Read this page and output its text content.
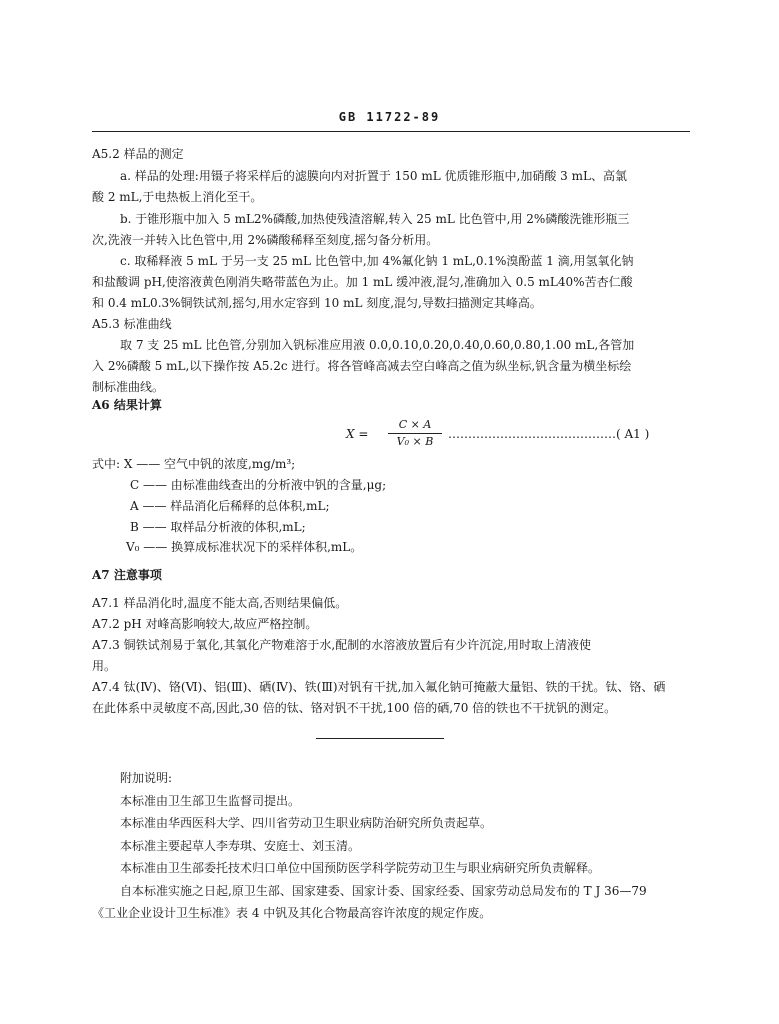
GB 11722-89
A5.2 样品的测定
a. 样品的处理:用镊子将采样后的滤膜向内对折置于 150 mL 优质锥形瓶中,加硝酸 3 mL、高氯
酸 2 mL,于电热板上消化至干。
b. 于锥形瓶中加入 5 mL2%磷酸,加热使残渣溶解,转入 25 mL 比色管中,用 2%磷酸洗锥形瓶三
次,洗液一并转入比色管中,用 2%磷酸稀释至刻度,摇匀备分析用。
c. 取稀释液 5 mL 于另一支 25 mL 比色管中,加 4%氟化钠 1 mL,0.1%溴酚蓝 1 滴,用氢氧化钠
和盐酸调 pH,使溶液黄色刚消失略带蓝色为止。加 1 mL 缓冲液,混匀,准确加入 0.5 mL40%苦杏仁酸
和 0.4 mL0.3%铜铁试剂,摇匀,用水定容到 10 mL 刻度,混匀,导数扫描测定其峰高。
A5.3 标准曲线
取 7 支 25 mL 比色管,分别加入钒标准应用液 0.0,0.10,0.20,0.40,0.60,0.80,1.00 mL,各管加
入 2%磷酸 5 mL,以下操作按 A5.2c 进行。将各管峰高减去空白峰高之值为纵坐标,钒含量为横坐标绘
制标准曲线。
A6 结果计算
X =
C × A
V₀ × B
……………………………………( A1 )
式中: X —— 空气中钒的浓度,mg/m³;
C —— 由标准曲线查出的分析液中钒的含量,μg;
A —— 样品消化后稀释的总体积,mL;
B —— 取样品分析液的体积,mL;
V₀ —— 换算成标准状况下的采样体积,mL。
A7 注意事项
A7.1 样品消化时,温度不能太高,否则结果偏低。
A7.2 pH 对峰高影响较大,故应严格控制。
A7.3 铜铁试剂易于氧化,其氧化产物难溶于水,配制的水溶液放置后有少许沉淀,用时取上清液使
用。
A7.4 钛(Ⅳ)、铬(Ⅵ)、铝(Ⅲ)、硒(Ⅳ)、铁(Ⅲ)对钒有干扰,加入氟化钠可掩蔽大量铝、铁的干扰。钛、铬、硒
在此体系中灵敏度不高,因此,30 倍的钛、铬对钒不干扰,100 倍的硒,70 倍的铁也不干扰钒的测定。
附加说明:
本标准由卫生部卫生监督司提出。
本标准由华西医科大学、四川省劳动卫生职业病防治研究所负责起草。
本标准主要起草人李寿琪、安庭士、刘玉清。
本标准由卫生部委托技术归口单位中国预防医学科学院劳动卫生与职业病研究所负责解释。
自本标准实施之日起,原卫生部、国家建委、国家计委、国家经委、国家劳动总局发布的 T J 36—79
《工业企业设计卫生标准》表 4 中钒及其化合物最高容许浓度的规定作废。
